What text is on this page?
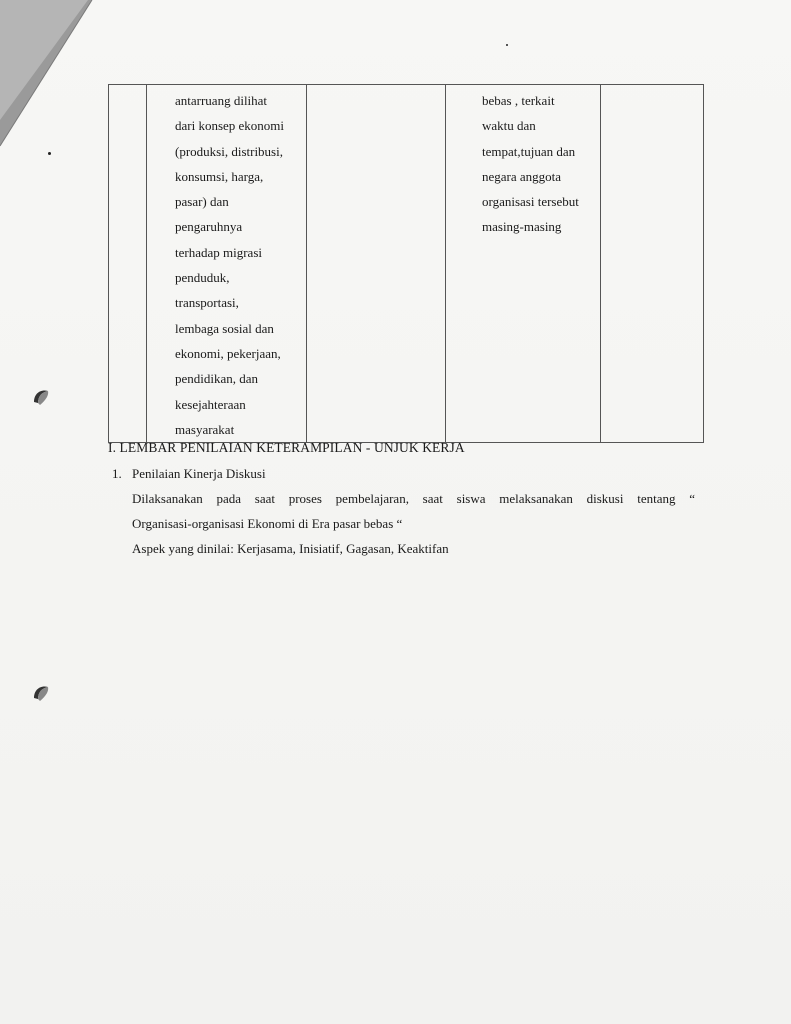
antarruang dilihat
dari konsep ekonomi
(produksi, distribusi,
konsumsi, harga,
pasar) dan
pengaruhnya
terhadap migrasi
penduduk,
transportasi,
lembaga sosial dan
ekonomi, pekerjaan,
pendidikan, dan
kesejahteraan
masyarakat

bebas , terkait
waktu dan
tempat,tujuan dan
negara anggota
organisasi tersebut
masing-masing

I. LEMBAR PENILAIAN KETERAMPILAN - UNJUK KERJA
1. Penilaian Kinerja Diskusi
Dilaksanakan pada saat proses pembelajaran, saat siswa melaksanakan diskusi tentang “
Organisasi-organisasi Ekonomi di Era pasar bebas “
Aspek yang dinilai: Kerjasama, Inisiatif, Gagasan, Keaktifan
